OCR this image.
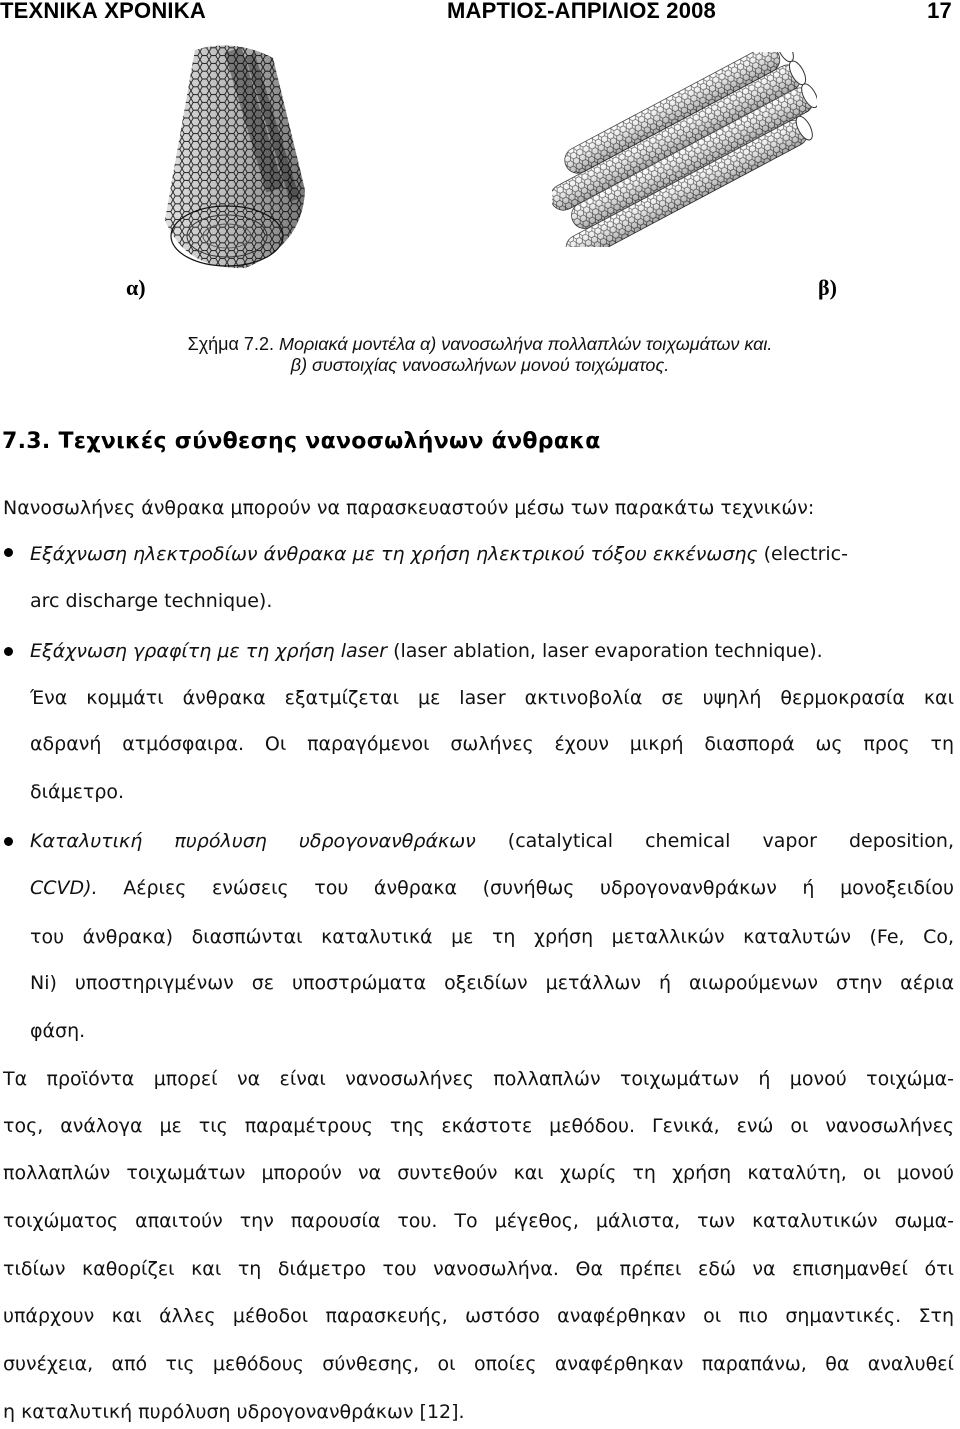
ΤΕΧΝΙΚΑ ΧΡΟΝΙΚΑ	ΜΑΡΤΙΟΣ-ΑΠΡΙΛΙΟΣ 2008	17
α)	β)
Σχήμα 7.2. Μοριακά μοντέλα α) νανοσωλήνα πολλαπλών τοιχωμάτων και.
β) συστοιχίας νανοσωλήνων μονού τοιχώματος.
7.3. Τεχνικές σύνθεσης νανοσωλήνων άνθρακα
Νανοσωλήνες άνθρακα μπορούν να παρασκευαστούν μέσω των παρακάτω τεχνικών:
Εξάχνωση ηλεκτροδίων άνθρακα με τη χρήση ηλεκτρικού τόξου εκκένωσης (electric-
arc discharge technique).
Εξάχνωση γραφίτη με τη χρήση laser (laser ablation, laser evaporation technique).
Ένα κομμάτι άνθρακα εξατμίζεται με laser ακτινοβολία σε υψηλή θερμοκρασία και
αδρανή ατμόσφαιρα. Οι παραγόμενοι σωλήνες έχουν μικρή διασπορά ως προς τη
διάμετρο.
Καταλυτική πυρόλυση υδρογονανθράκων (catalytical chemical vapor deposition,
CCVD). Αέριες ενώσεις του άνθρακα (συνήθως υδρογονανθράκων ή μονοξειδίου
του άνθρακα) διασπώνται καταλυτικά με τη χρήση μεταλλικών καταλυτών (Fe, Co,
Ni) υποστηριγμένων σε υποστρώματα οξειδίων μετάλλων ή αιωρούμενων στην αέρια
φάση.
Τα προϊόντα μπορεί να είναι νανοσωλήνες πολλαπλών τοιχωμάτων ή μονού τοιχώμα-
τος, ανάλογα με τις παραμέτρους της εκάστοτε μεθόδου. Γενικά, ενώ οι νανοσωλήνες
πολλαπλών τοιχωμάτων μπορούν να συντεθούν και χωρίς τη χρήση καταλύτη, οι μονού
τοιχώματος απαιτούν την παρουσία του. Το μέγεθος, μάλιστα, των καταλυτικών σωμα-
τιδίων καθορίζει και τη διάμετρο του νανοσωλήνα. Θα πρέπει εδώ να επισημανθεί ότι
υπάρχουν και άλλες μέθοδοι παρασκευής, ωστόσο αναφέρθηκαν οι πιο σημαντικές. Στη
συνέχεια, από τις μεθόδους σύνθεσης, οι οποίες αναφέρθηκαν παραπάνω, θα αναλυθεί
η καταλυτική πυρόλυση υδρογονανθράκων [12].
